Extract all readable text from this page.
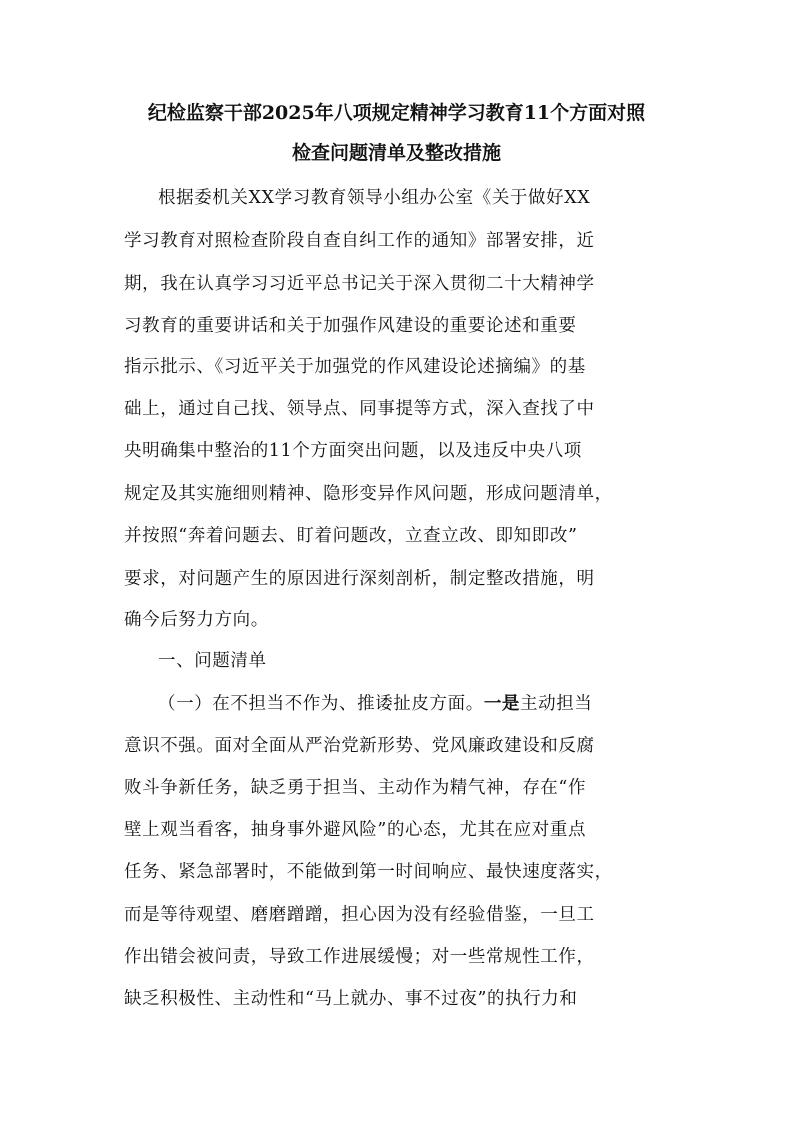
纪检监察干部2025年八项规定精神学习教育11个方面对照

检查问题清单及整改措施

根据委机关XX学习教育领导小组办公室《关于做好XX

学习教育对照检查阶段自查自纠工作的通知》部署安排，近

期，我在认真学习习近平总书记关于深入贯彻二十大精神学

习教育的重要讲话和关于加强作风建设的重要论述和重要

指示批示、《习近平关于加强党的作风建设论述摘编》的基

础上，通过自己找、领导点、同事提等方式，深入查找了中

央明确集中整治的11个方面突出问题，以及违反中央八项

规定及其实施细则精神、隐形变异作风问题，形成问题清单，

并按照“奔着问题去、盯着问题改，立查立改、即知即改”

要求，对问题产生的原因进行深刻剖析，制定整改措施，明

确今后努力方向。

一、问题清单

（一）在不担当不作为、推诿扯皮方面。一是主动担当

意识不强。面对全面从严治党新形势、党风廉政建设和反腐

败斗争新任务，缺乏勇于担当、主动作为精气神，存在“作

壁上观当看客，抽身事外避风险”的心态，尤其在应对重点

任务、紧急部署时，不能做到第一时间响应、最快速度落实，

而是等待观望、磨磨蹭蹭，担心因为没有经验借鉴，一旦工

作出错会被问责，导致工作进展缓慢；对一些常规性工作，

缺乏积极性、主动性和“马上就办、事不过夜”的执行力和
